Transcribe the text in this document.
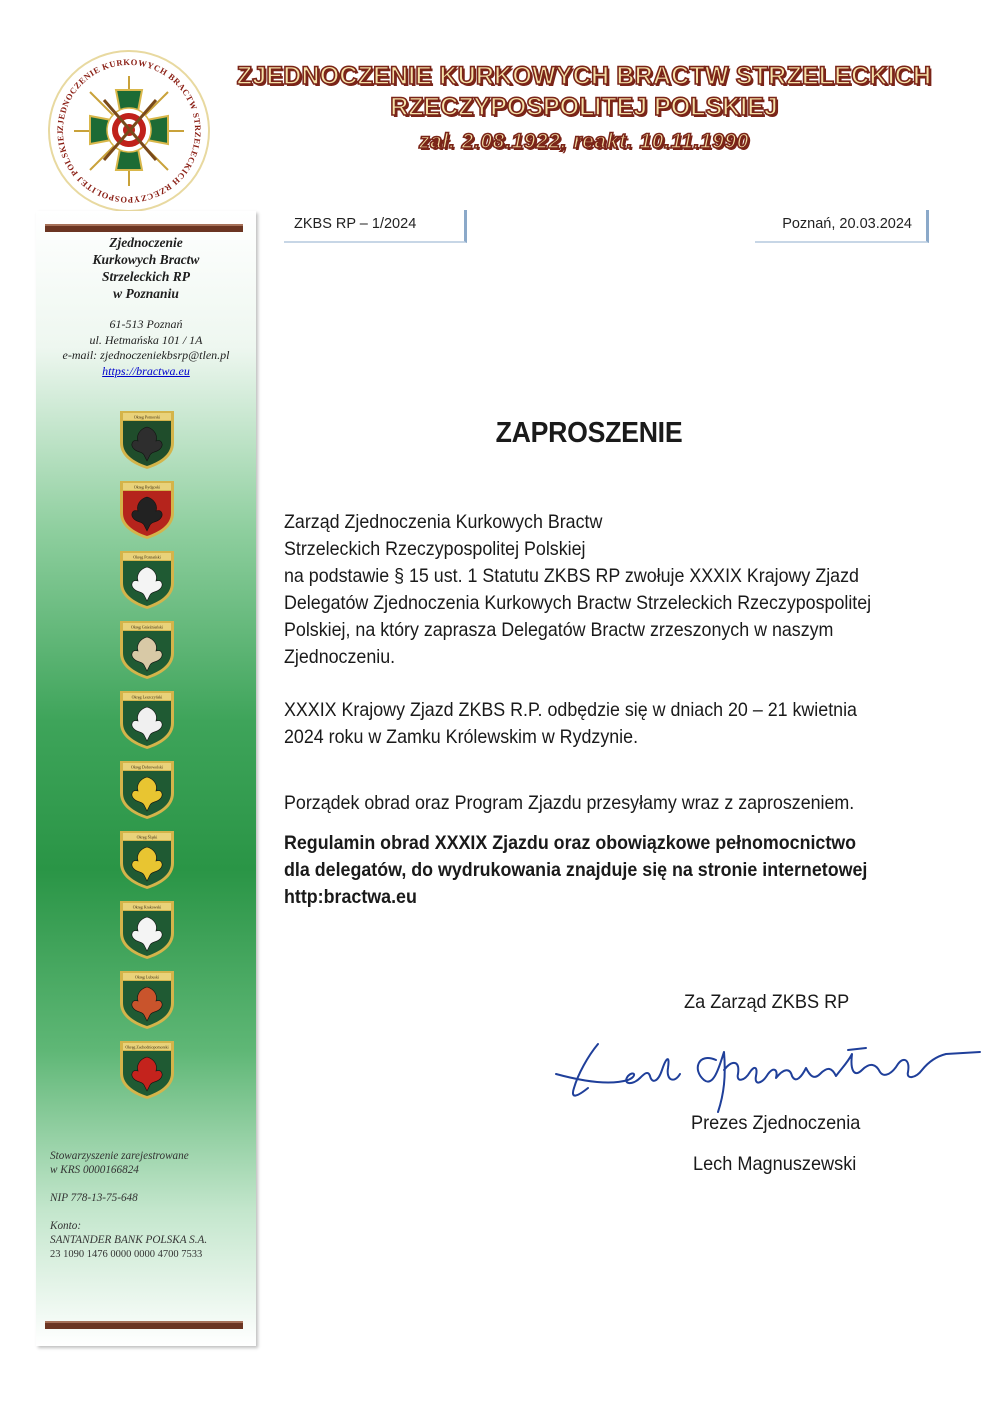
ZJEDNOCZENIE KURKOWYCH BRACTW STRZELECKICH RZECZYPOSPOLITEJ POLSKIEJ
ZJEDNOCZENIE KURKOWYCH BRACTW STRZELECKICH
RZECZYPOSPOLITEJ POLSKIEJ
zał. 2.08.1922, reakt. 10.11.1990
Zjednoczenie
Kurkowych Bractw
Strzeleckich RP
w Poznaniu
61-513 Poznań
ul. Hetmańska 101 / 1A
e-mail: zjednoczeniekbsrp@tlen.pl
https://bractwa.eu
Okręg Pomorski
Okręg Bydgoski
Okręg Poznański
Okręg Gnieźnieński
Okręg Leszczyński
Okręg Dobrowolski
Okręg Śląski
Okręg Krakowski
Okręg Lubuski
Okręg Zachodniopomorski

Stowarzyszenie zarejestrowane
w KRS 0000166824

NIP 778-13-75-648

Konto:
SANTANDER BANK POLSKA S.A.
23 1090 1476 0000 0000 4700 7533

ZKBS RP – 1/2024	Poznań, 20.03.2024
ZAPROSZENIE
Zarząd Zjednoczenia Kurkowych Bractw
Strzeleckich Rzeczypospolitej Polskiej
na podstawie § 15 ust. 1 Statutu ZKBS RP zwołuje XXXIX Krajowy Zjazd
Delegatów Zjednoczenia Kurkowych Bractw Strzeleckich Rzeczypospolitej
Polskiej, na który zaprasza Delegatów Bractw zrzeszonych w naszym
Zjednoczeniu.
XXXIX Krajowy Zjazd ZKBS R.P. odbędzie się w dniach 20 – 21 kwietnia
2024 roku w Zamku Królewskim w Rydzynie.
Porządek obrad oraz Program Zjazdu przesyłamy wraz z zaproszeniem.
Regulamin obrad XXXIX Zjazdu oraz obowiązkowe pełnomocnictwo
dla delegatów, do wydrukowania znajduje się na stronie internetowej
http:bractwa.eu
Za Zarząd ZKBS RP
Prezes Zjednoczenia
Lech Magnuszewski
